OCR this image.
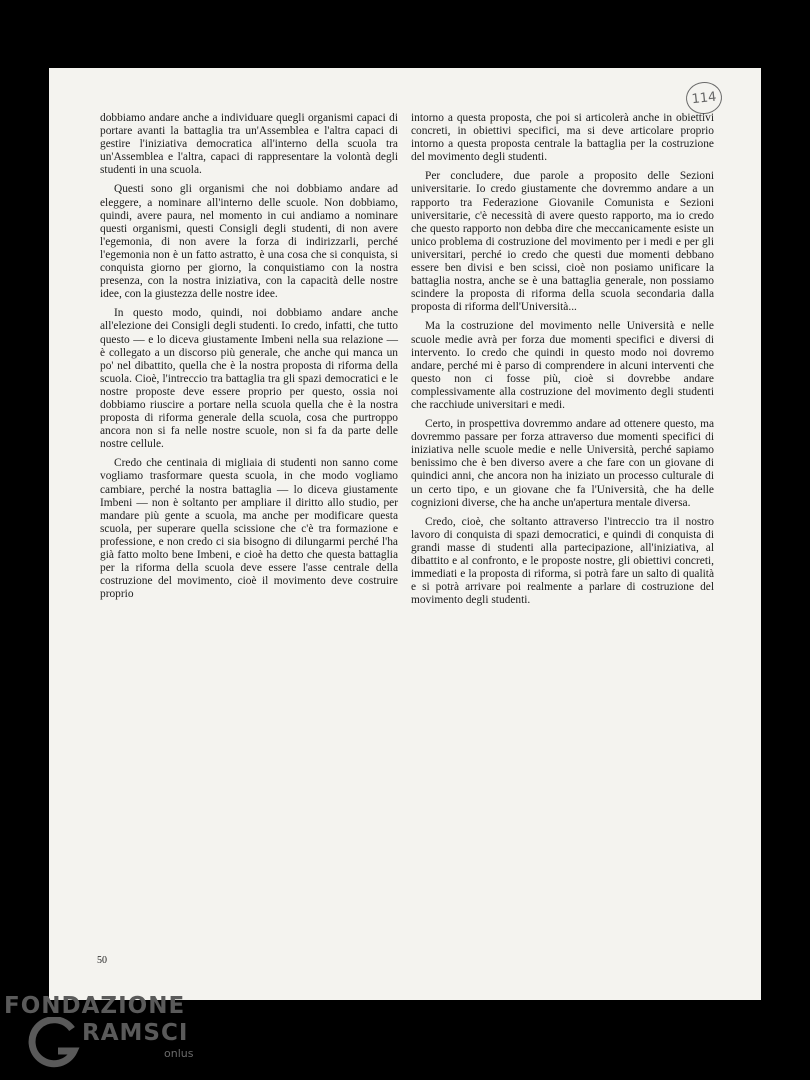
114

dobbiamo andare anche a individuare quegli organismi capaci di portare avanti la battaglia tra un'Assemblea e l'altra capaci di gestire l'iniziativa democratica all'interno della scuola tra un'Assemblea e l'altra, capaci di rappresentare la volontà degli studenti in una scuola.

Questi sono gli organismi che noi dobbiamo andare ad eleggere, a nominare all'interno delle scuole. Non dobbiamo, quindi, avere paura, nel momento in cui andiamo a nominare questi organismi, questi Consigli degli studenti, di non avere l'egemonia, di non avere la forza di indirizzarli, perché l'egemonia non è un fatto astratto, è una cosa che si conquista, si conquista giorno per giorno, la conquistiamo con la nostra presenza, con la nostra iniziativa, con la capacità delle nostre idee, con la giustezza delle nostre idee.

In questo modo, quindi, noi dobbiamo andare anche all'elezione dei Consigli degli studenti. Io credo, infatti, che tutto questo — e lo diceva giustamente Imbeni nella sua relazione — è collegato a un discorso più generale, che anche qui manca un po' nel dibattito, quella che è la nostra proposta di riforma della scuola. Cioè, l'intreccio tra battaglia tra gli spazi democratici e le nostre proposte deve essere proprio per questo, ossia noi dobbiamo riuscire a portare nella scuola quella che è la nostra proposta di riforma generale della scuola, cosa che purtroppo ancora non si fa nelle nostre scuole, non si fa da parte delle nostre cellule.

Credo che centinaia di migliaia di studenti non sanno come vogliamo trasformare questa scuola, in che modo vogliamo cambiare, perché la nostra battaglia — lo diceva giustamente Imbeni — non è soltanto per ampliare il diritto allo studio, per mandare più gente a scuola, ma anche per modificare questa scuola, per superare quella scissione che c'è tra formazione e professione, e non credo ci sia bisogno di dilungarmi perché l'ha già fatto molto bene Imbeni, e cioè ha detto che questa battaglia per la riforma della scuola deve essere l'asse centrale della costruzione del movimento, cioè il movimento deve costruire proprio

intorno a questa proposta, che poi si articolerà anche in obiettivi concreti, in obiettivi specifici, ma si deve articolare proprio intorno a questa proposta centrale la battaglia per la costruzione del movimento degli studenti.

Per concludere, due parole a proposito delle Sezioni universitarie. Io credo giustamente che dovremmo andare a un rapporto tra Federazione Giovanile Comunista e Sezioni universitarie, c'è necessità di avere questo rapporto, ma io credo che questo rapporto non debba dire che meccanicamente esiste un unico problema di costruzione del movimento per i medi e per gli universitari, perché io credo che questi due momenti debbano essere ben divisi e ben scissi, cioè non posiamo unificare la battaglia nostra, anche se è una battaglia generale, non possiamo scindere la proposta di riforma della scuola secondaria dalla proposta di riforma dell'Università...

Ma la costruzione del movimento nelle Università e nelle scuole medie avrà per forza due momenti specifici e diversi di intervento. Io credo che quindi in questo modo noi dovremo andare, perché mi è parso di comprendere in alcuni interventi che questo non ci fosse più, cioè si dovrebbe andare complessivamente alla costruzione del movimento degli studenti che racchiude universitari e medi.

Certo, in prospettiva dovremmo andare ad ottenere questo, ma dovremmo passare per forza attraverso due momenti specifici di iniziativa nelle scuole medie e nelle Università, perché sapiamo benissimo che è ben diverso avere a che fare con un giovane di quindici anni, che ancora non ha iniziato un processo culturale di un certo tipo, e un giovane che fa l'Università, che ha delle cognizioni diverse, che ha anche un'apertura mentale diversa.

Credo, cioè, che soltanto attraverso l'intreccio tra il nostro lavoro di conquista di spazi democratici, e quindi di conquista di grandi masse di studenti alla partecipazione, all'iniziativa, al dibattito e al confronto, e le proposte nostre, gli obiettivi concreti, immediati e la proposta di riforma, si potrà fare un salto di qualità e si potrà arrivare poi realmente a parlare di costruzione del movimento degli studenti.

50
FONDAZIONE
RAMSCI
onlus
